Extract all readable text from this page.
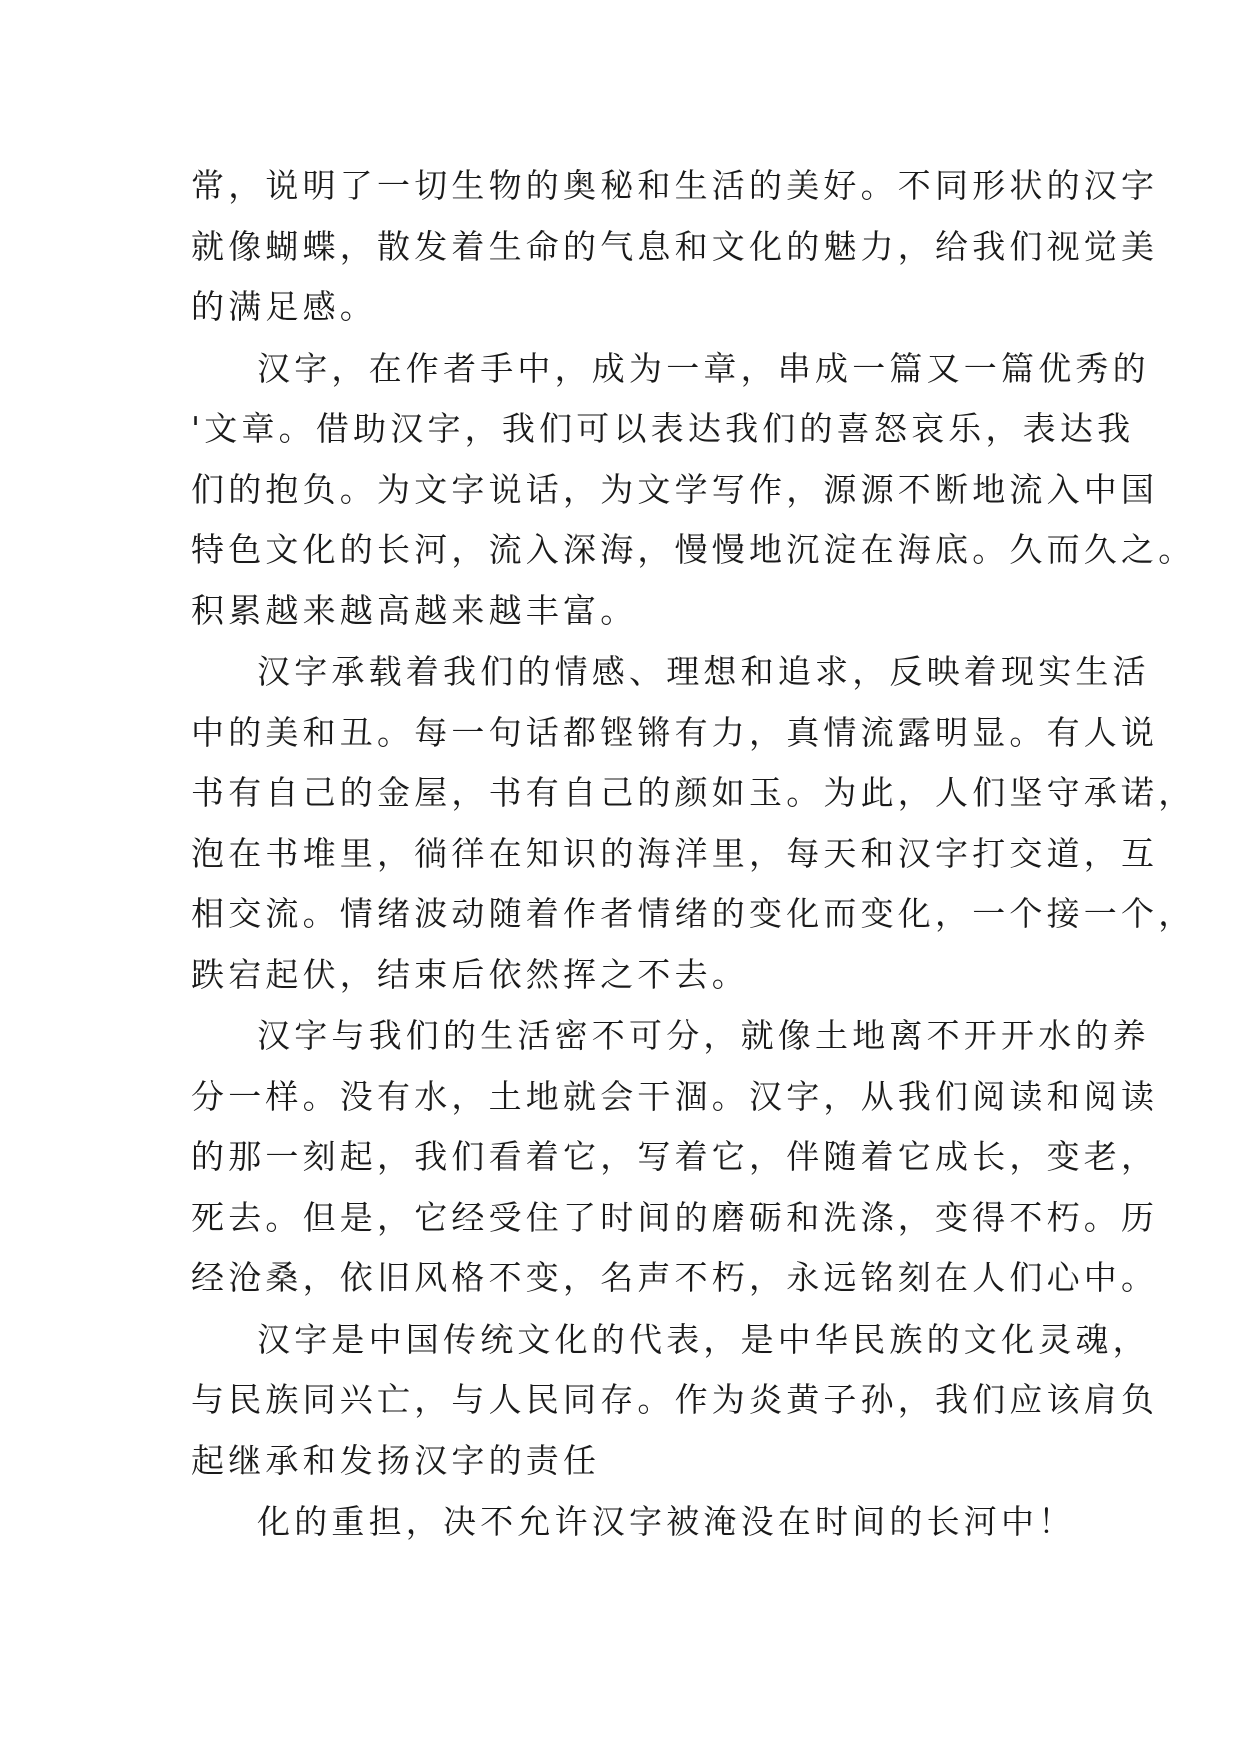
常，说明了一切生物的奥秘和生活的美好。不同形状的汉字
就像蝴蝶，散发着生命的气息和文化的魅力，给我们视觉美
的满足感。
汉字，在作者手中，成为一章，串成一篇又一篇优秀的
'文章。借助汉字，我们可以表达我们的喜怒哀乐，表达我
们的抱负。为文字说话，为文学写作，源源不断地流入中国
特色文化的长河，流入深海，慢慢地沉淀在海底。久而久之。
积累越来越高越来越丰富。
汉字承载着我们的情感、理想和追求，反映着现实生活
中的美和丑。每一句话都铿锵有力，真情流露明显。有人说
书有自己的金屋，书有自己的颜如玉。为此，人们坚守承诺，
泡在书堆里，徜徉在知识的海洋里，每天和汉字打交道，互
相交流。情绪波动随着作者情绪的变化而变化，一个接一个，
跌宕起伏，结束后依然挥之不去。
汉字与我们的生活密不可分，就像土地离不开开水的养
分一样。没有水，土地就会干涸。汉字，从我们阅读和阅读
的那一刻起，我们看着它，写着它，伴随着它成长，变老，
死去。但是，它经受住了时间的磨砺和洗涤，变得不朽。历
经沧桑，依旧风格不变，名声不朽，永远铭刻在人们心中。
汉字是中国传统文化的代表，是中华民族的文化灵魂，
与民族同兴亡，与人民同存。作为炎黄子孙，我们应该肩负
起继承和发扬汉字的责任
化的重担，决不允许汉字被淹没在时间的长河中！
